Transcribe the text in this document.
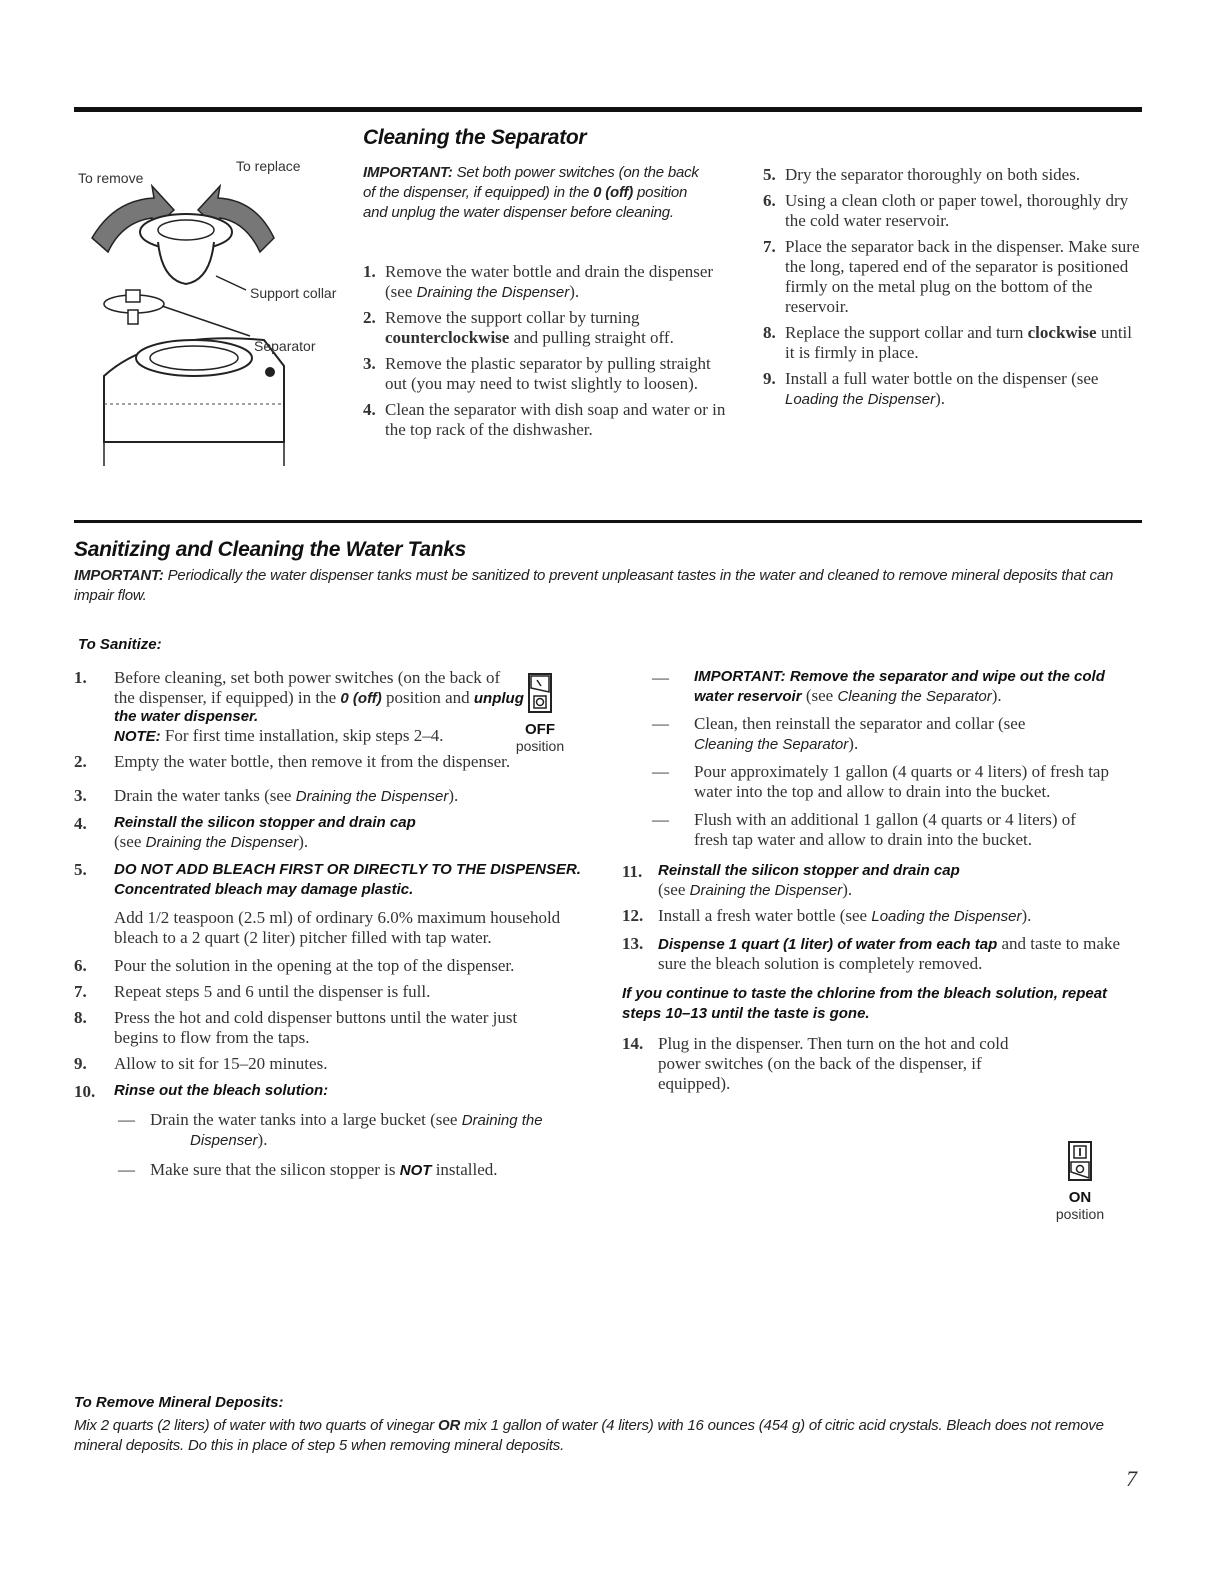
To remove
To replace
Support collar
Separator
Cleaning the Separator
IMPORTANT: Set both power switches (on the back of the dispenser, if equipped) in the 0 (off) position and unplug the water dispenser before cleaning.
1. Remove the water bottle and drain the dispenser (see Draining the Dispenser).
2. Remove the support collar by turning counterclockwise and pulling straight off.
3. Remove the plastic separator by pulling straight out (you may need to twist slightly to loosen).
4. Clean the separator with dish soap and water or in the top rack of the dishwasher.
5. Dry the separator thoroughly on both sides.
6. Using a clean cloth or paper towel, thoroughly dry the cold water reservoir.
7. Place the separator back in the dispenser. Make sure the long, tapered end of the separator is positioned firmly on the metal plug on the bottom of the reservoir.
8. Replace the support collar and turn clockwise until it is firmly in place.
9. Install a full water bottle on the dispenser (see Loading the Dispenser).
Sanitizing and Cleaning the Water Tanks
IMPORTANT: Periodically the water dispenser tanks must be sanitized to prevent unpleasant tastes in the water and cleaned to remove mineral deposits that can impair flow.
To Sanitize:
1. Before cleaning, set both power switches (on the back of the dispenser, if equipped) in the 0 (off) position and unplug the water dispenser.
NOTE: For first time installation, skip steps 2–4.
2. Empty the water bottle, then remove it from the dispenser.
3. Drain the water tanks (see Draining the Dispenser).
4. Reinstall the silicon stopper and drain cap
(see Draining the Dispenser).
5. DO NOT ADD BLEACH FIRST OR DIRECTLY TO THE DISPENSER. Concentrated bleach may damage plastic.
Add 1/2 teaspoon (2.5 ml) of ordinary 6.0% maximum household bleach to a 2 quart (2 liter) pitcher filled with tap water.
6. Pour the solution in the opening at the top of the dispenser.
7. Repeat steps 5 and 6 until the dispenser is full.
8. Press the hot and cold dispenser buttons until the water just begins to flow from the taps.
9. Allow to sit for 15–20 minutes.
10. Rinse out the bleach solution:
— Drain the water tanks into a large bucket (see Draining the Dispenser).
— Make sure that the silicon stopper is NOT installed.
OFF
position
— IMPORTANT: Remove the separator and wipe out the cold water reservoir (see Cleaning the Separator).
— Clean, then reinstall the separator and collar (see Cleaning the Separator).
— Pour approximately 1 gallon (4 quarts or 4 liters) of fresh tap water into the top and allow to drain into the bucket.
— Flush with an additional 1 gallon (4 quarts or 4 liters) of fresh tap water and allow to drain into the bucket.
11. Reinstall the silicon stopper and drain cap
(see Draining the Dispenser).
12. Install a fresh water bottle (see Loading the Dispenser).
13. Dispense 1 quart (1 liter) of water from each tap and taste to make sure the bleach solution is completely removed.
If you continue to taste the chlorine from the bleach solution, repeat steps 10–13 until the taste is gone.
14. Plug in the dispenser. Then turn on the hot and cold power switches (on the back of the dispenser, if equipped).
ON
position
To Remove Mineral Deposits:
Mix 2 quarts (2 liters) of water with two quarts of vinegar OR mix 1 gallon of water (4 liters) with 16 ounces (454 g) of citric acid crystals. Bleach does not remove mineral deposits. Do this in place of step 5 when removing mineral deposits.
7
